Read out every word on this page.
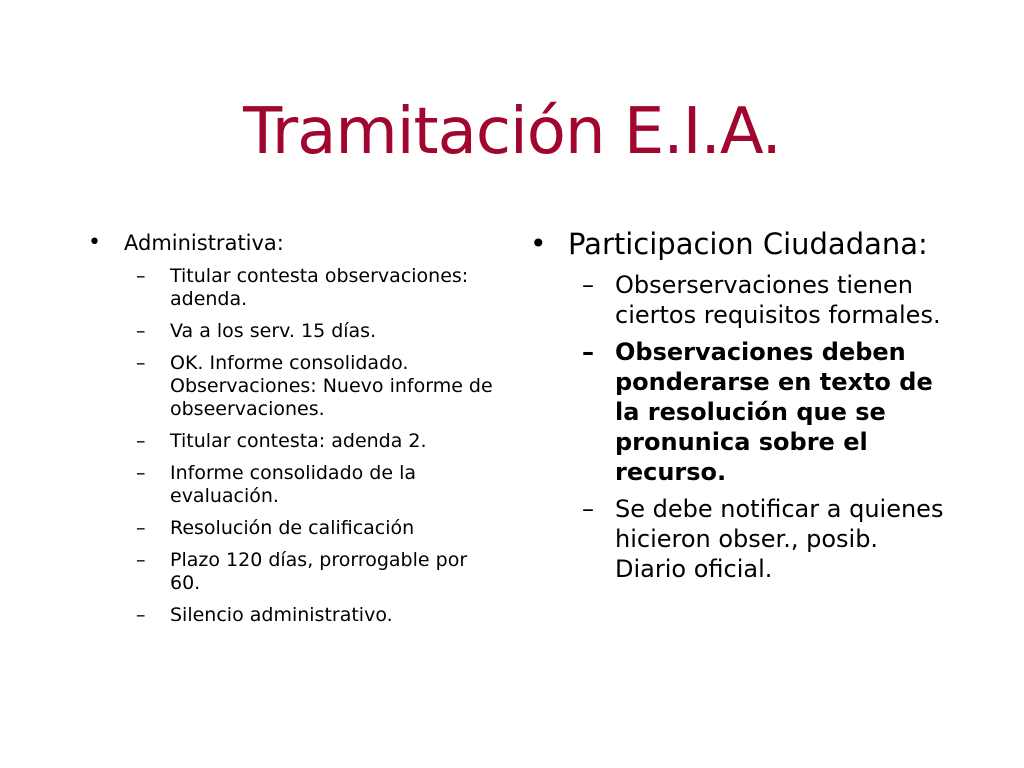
Tramitación E.I.A.
• Administrativa:
– Titular contesta observaciones: adenda.
– Va a los serv. 15 días.
– OK. Informe consolidado. Observaciones: Nuevo informe de obseervaciones.
– Titular contesta: adenda 2.
– Informe consolidado de la evaluación.
– Resolución de calificación
– Plazo 120 días, prorrogable por 60.
– Silencio administrativo.
• Participacion Ciudadana:
– Obserservaciones tienen ciertos requisitos formales.
– Observaciones deben ponderarse en texto de la resolución que se pronunica sobre el recurso.
– Se debe notificar a quienes hicieron obser., posib. Diario oficial.
